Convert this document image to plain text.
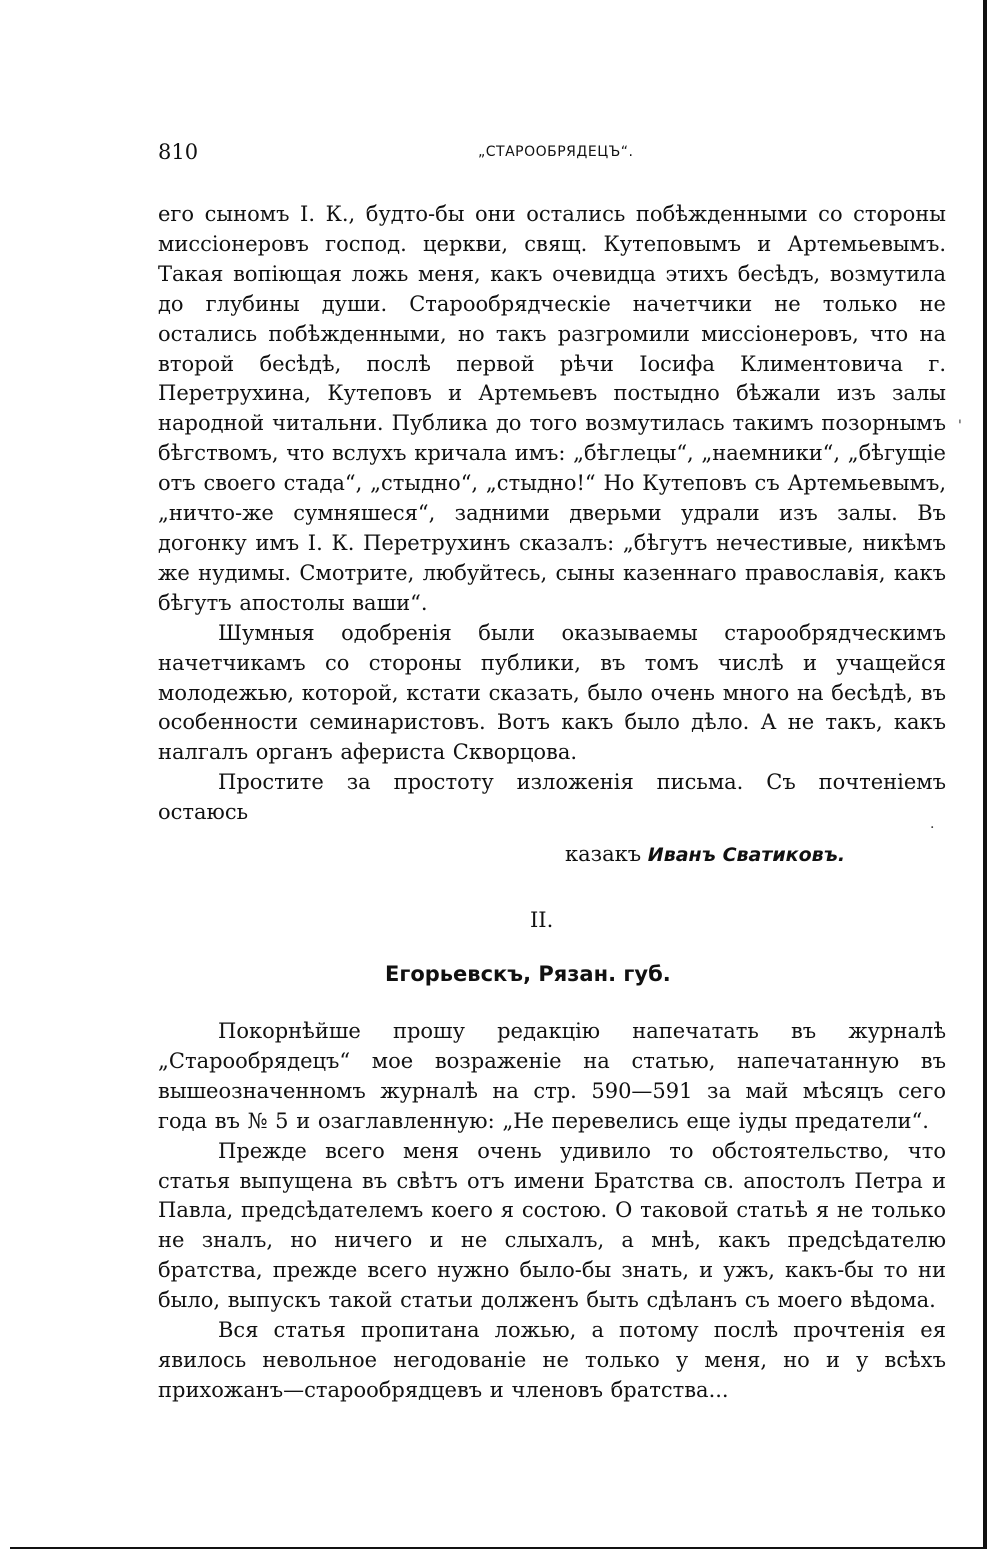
810	„СТАРООБРЯДЕЦЪ“.

его сыномъ I. К., будто-бы они остались побѣжденными со стороны миссiонеровъ господ. церкви, свящ. Кутеповымъ и Артемьевымъ. Такая вопiющая ложь меня, какъ очевидца этихъ бесѣдъ, возмутила до глубины души. Старообрядческiе начетчики не только не остались побѣжденными, но такъ разгромили миссiонеровъ, что на второй бесѣдѣ, послѣ первой рѣчи Iосифа Климентовича г. Перетрухина, Кутеповъ и Артемьевъ постыдно бѣжали изъ залы народной читальни. Публика до того возмутилась такимъ позорнымъ бѣгствомъ, что вслухъ кричала имъ: „бѣглецы“, „наемники“, „бѣгущiе отъ своего стада“, „стыдно“, „стыдно!“ Но Кутеповъ съ Артемьевымъ, „ничто-же сумняшеся“, задними дверьми удрали изъ залы. Въ догонку имъ I. К. Перетрухинъ сказалъ: „бѣгутъ нечестивые, никѣмъ же нудимы. Смотрите, любуйтесь, сыны казеннаго православiя, какъ бѣгутъ апостолы ваши“.

Шумныя одобренiя были оказываемы старообрядческимъ начетчикамъ со стороны публики, въ томъ числѣ и учащейся молодежью, которой, кстати сказать, было очень много на бесѣдѣ, въ особенности семинаристовъ. Вотъ какъ было дѣло. А не такъ, какъ налгалъ органъ афериста Скворцова.

Простите за простоту изложенiя письма. Съ почтенiемъ остаюсь

казакъ Иванъ Сватиковъ.
II.
Егорьевскъ, Рязан. губ.

Покорнѣйше прошу редакцiю напечатать въ журналѣ „Старообрядецъ“ мое возраженiе на статью, напечатанную въ вышеозначенномъ журналѣ на стр. 590—591 за май мѣсяцъ сего года въ № 5 и озаглавленную: „Не перевелись еще iуды предатели“.

Прежде всего меня очень удивило то обстоятельство, что статья выпущена въ свѣтъ отъ имени Братства св. апостолъ Петра и Павла, предсѣдателемъ коего я состою. О таковой статьѣ я не только не зналъ, но ничего и не слыхалъ, а мнѣ, какъ предсѣдателю братства, прежде всего нужно было-бы знать, и ужъ, какъ-бы то ни было, выпускъ такой статьи долженъ быть сдѣланъ съ моего вѣдома.

Вся статья пропитана ложью, а потому послѣ прочтенiя ея явилось невольное негодованiе не только у меня, но и у всѣхъ прихожанъ—старообрядцевъ и членовъ братства...

'
·
